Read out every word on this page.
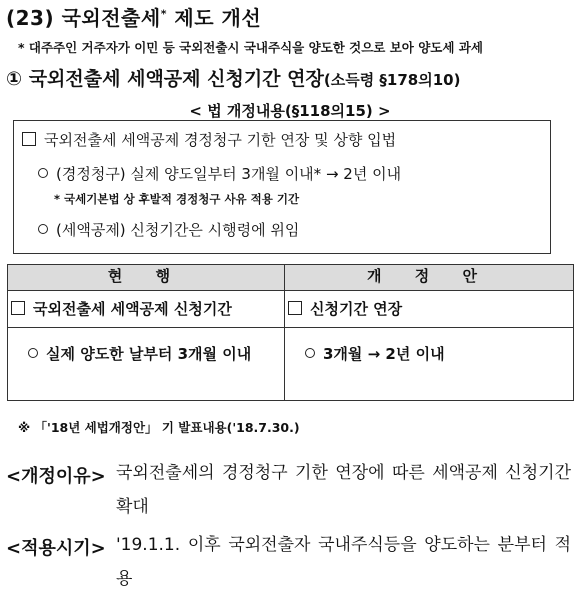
(23) 국외전출세* 제도 개선
* 대주주인 거주자가 이민 등 국외전출시 국내주식을 양도한 것으로 보아 양도세 과세
① 국외전출세 세액공제 신청기간 연장(소득령 §178의10)
< 법 개정내용(§118의15) >
국외전출세 세액공제 경정청구 기한 연장 및 상향 입법
(경정청구) 실제 양도일부터 3개월 이내* → 2년 이내
* 국세기본법 상 후발적 경정청구 사유 적용 기간
(세액공제) 신청기간은 시행령에 위임
현 행	개 정 안
국외전출세 세액공제 신청기간	신청기간 연장

실제 양도한 날부터 3개월 이내	3개월 → 2년 이내
※ 「'18년 세법개정안」 기 발표내용('18.7.30.)
<개정이유> 국외전출세의 경정청구 기한 연장에 따른 세액공제 신청기간 확대
<적용시기> '19.1.1. 이후 국외전출자 국내주식등을 양도하는 분부터 적용
